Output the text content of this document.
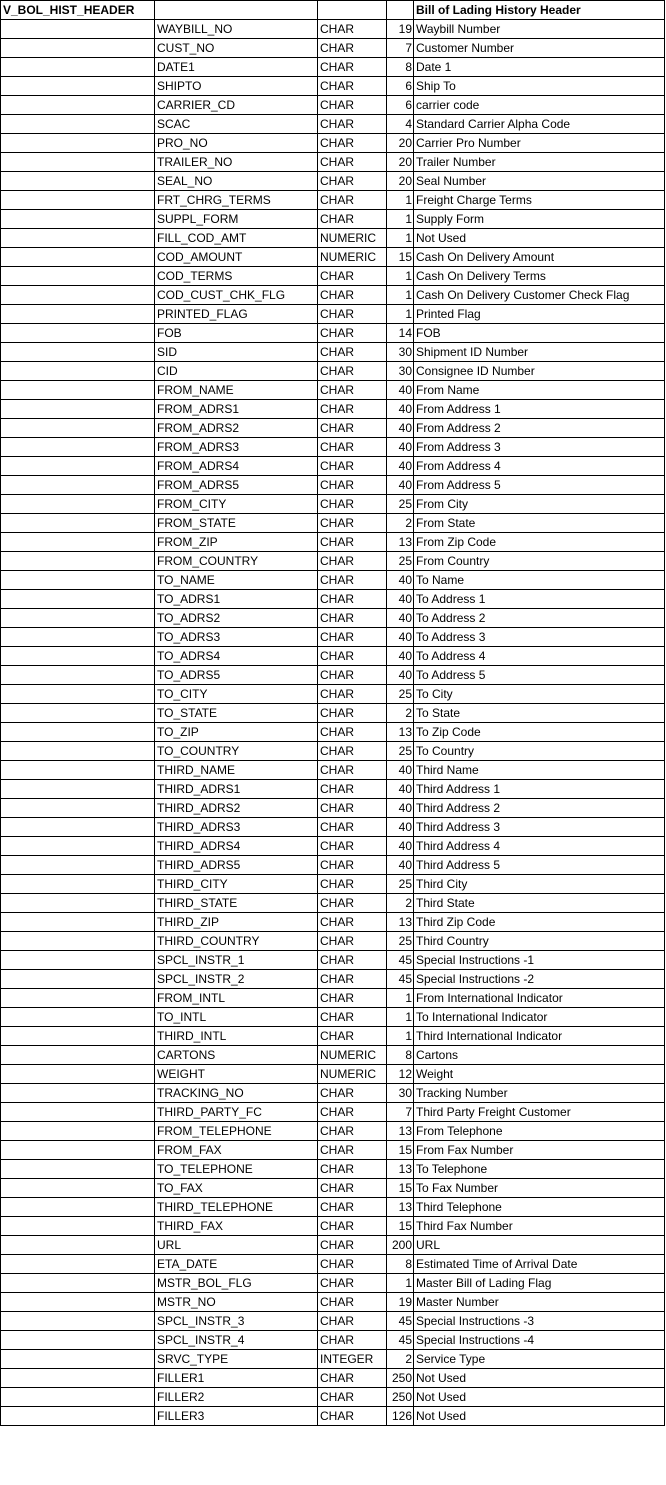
V_BOL_HIST_HEADER				Bill of Lading History Header
	WAYBILL_NO	CHAR	19	Waybill Number
	CUST_NO	CHAR	7	Customer Number
	DATE1	CHAR	8	Date 1
	SHIPTO	CHAR	6	Ship To
	CARRIER_CD	CHAR	6	carrier code
	SCAC	CHAR	4	Standard Carrier Alpha Code
	PRO_NO	CHAR	20	Carrier Pro Number
	TRAILER_NO	CHAR	20	Trailer Number
	SEAL_NO	CHAR	20	Seal Number
	FRT_CHRG_TERMS	CHAR	1	Freight Charge Terms
	SUPPL_FORM	CHAR	1	Supply Form
	FILL_COD_AMT	NUMERIC	1	Not Used
	COD_AMOUNT	NUMERIC	15	Cash On Delivery Amount
	COD_TERMS	CHAR	1	Cash On Delivery Terms
	COD_CUST_CHK_FLG	CHAR	1	Cash On Delivery Customer Check Flag
	PRINTED_FLAG	CHAR	1	Printed Flag
	FOB	CHAR	14	FOB
	SID	CHAR	30	Shipment ID Number
	CID	CHAR	30	Consignee ID Number
	FROM_NAME	CHAR	40	From Name
	FROM_ADRS1	CHAR	40	From Address 1
	FROM_ADRS2	CHAR	40	From Address 2
	FROM_ADRS3	CHAR	40	From Address 3
	FROM_ADRS4	CHAR	40	From Address 4
	FROM_ADRS5	CHAR	40	From Address 5
	FROM_CITY	CHAR	25	From City
	FROM_STATE	CHAR	2	From State
	FROM_ZIP	CHAR	13	From Zip Code
	FROM_COUNTRY	CHAR	25	From Country
	TO_NAME	CHAR	40	To Name
	TO_ADRS1	CHAR	40	To Address 1
	TO_ADRS2	CHAR	40	To Address 2
	TO_ADRS3	CHAR	40	To Address 3
	TO_ADRS4	CHAR	40	To Address 4
	TO_ADRS5	CHAR	40	To Address 5
	TO_CITY	CHAR	25	To City
	TO_STATE	CHAR	2	To State
	TO_ZIP	CHAR	13	To Zip Code
	TO_COUNTRY	CHAR	25	To Country
	THIRD_NAME	CHAR	40	Third Name
	THIRD_ADRS1	CHAR	40	Third Address 1
	THIRD_ADRS2	CHAR	40	Third Address 2
	THIRD_ADRS3	CHAR	40	Third Address 3
	THIRD_ADRS4	CHAR	40	Third Address 4
	THIRD_ADRS5	CHAR	40	Third Address 5
	THIRD_CITY	CHAR	25	Third City
	THIRD_STATE	CHAR	2	Third State
	THIRD_ZIP	CHAR	13	Third Zip Code
	THIRD_COUNTRY	CHAR	25	Third Country
	SPCL_INSTR_1	CHAR	45	Special Instructions -1
	SPCL_INSTR_2	CHAR	45	Special Instructions -2
	FROM_INTL	CHAR	1	From International Indicator
	TO_INTL	CHAR	1	To International Indicator
	THIRD_INTL	CHAR	1	Third International Indicator
	CARTONS	NUMERIC	8	Cartons
	WEIGHT	NUMERIC	12	Weight
	TRACKING_NO	CHAR	30	Tracking Number
	THIRD_PARTY_FC	CHAR	7	Third Party Freight Customer
	FROM_TELEPHONE	CHAR	13	From Telephone
	FROM_FAX	CHAR	15	From Fax Number
	TO_TELEPHONE	CHAR	13	To Telephone
	TO_FAX	CHAR	15	To Fax Number
	THIRD_TELEPHONE	CHAR	13	Third Telephone
	THIRD_FAX	CHAR	15	Third Fax Number
	URL	CHAR	200	URL
	ETA_DATE	CHAR	8	Estimated Time of Arrival Date
	MSTR_BOL_FLG	CHAR	1	Master Bill of Lading Flag
	MSTR_NO	CHAR	19	Master Number
	SPCL_INSTR_3	CHAR	45	Special Instructions -3
	SPCL_INSTR_4	CHAR	45	Special Instructions -4
	SRVC_TYPE	INTEGER	2	Service Type
	FILLER1	CHAR	250	Not Used
	FILLER2	CHAR	250	Not Used
	FILLER3	CHAR	126	Not Used
